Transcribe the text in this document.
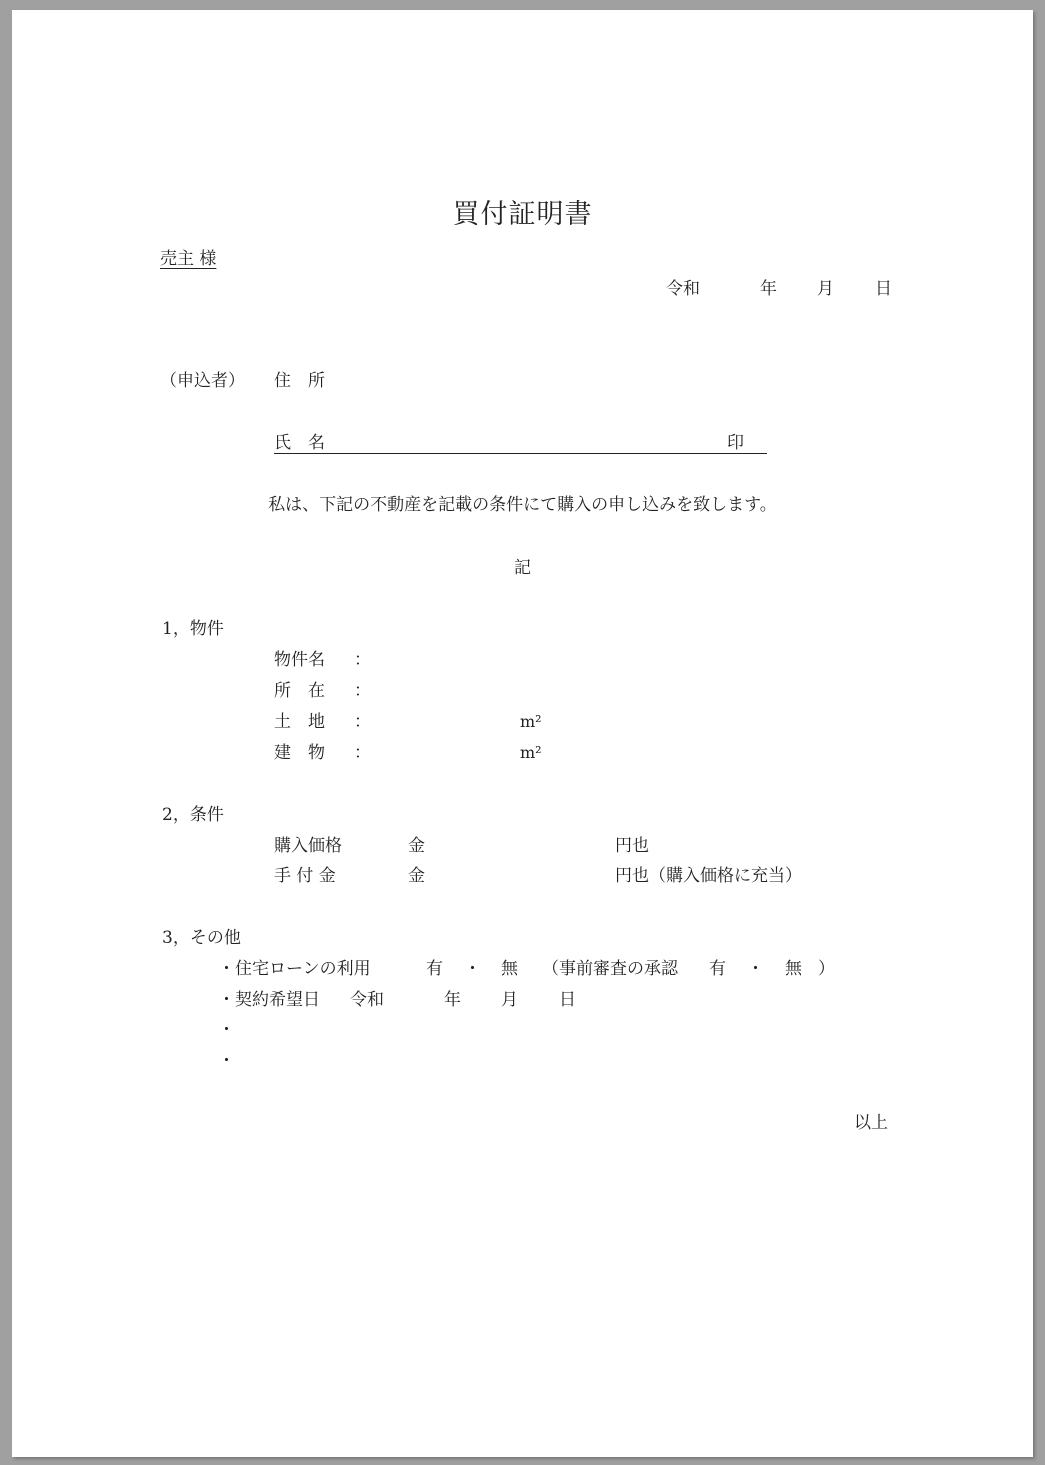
買付証明書
売主 様
令和	年 月 日
（申込者） 住　所
氏　名	印
私は、下記の不動産を記載の条件にて購入の申し込みを致します。
記
1，物件
物件名 ：
所　在 ：
土　地 ：	m²
建　物 ：	m²
2，条件
購入価格	金	円也
手 付 金	金	円也（購入価格に充当）
3，その他
・住宅ローンの利用	有 ・ 無 （事前審査の承認 有 ・ 無 ）
・契約希望日 令和	年 月 日
・
・
以上
